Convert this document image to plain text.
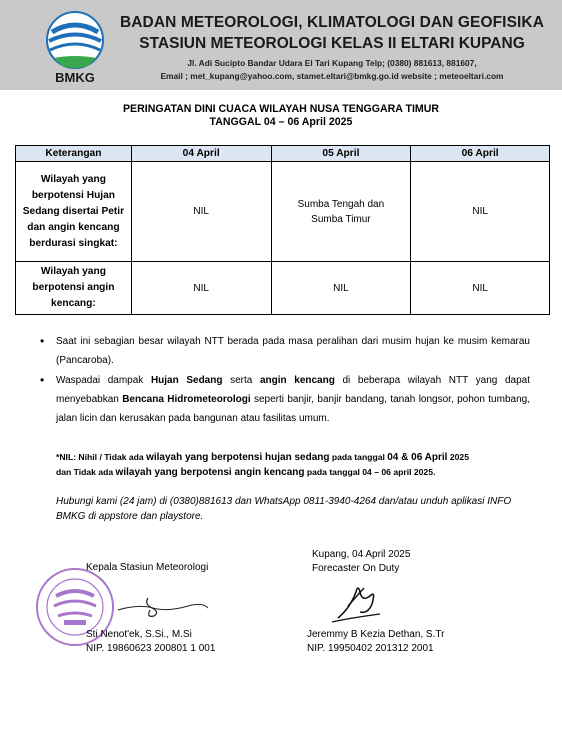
BMKG
BADAN METEOROLOGI, KLIMATOLOGI DAN GEOFISIKA
STASIUN METEOROLOGI KELAS II ELTARI KUPANG
Jl. Adi Sucipto Bandar Udara El Tari Kupang Telp; (0380) 881613, 881607,
Email ; met_kupang@yahoo.com, stamet.eltari@bmkg.go.id website ; meteoeltari.com
PERINGATAN DINI CUACA WILAYAH NUSA TENGGARA TIMUR
TANGGAL 04 – 06 April 2025
Keterangan	04 April	05 April	06 April
Wilayah yang berpotensi Hujan Sedang disertai Petir dan angin kencang berdurasi singkat:	NIL	Sumba Tengah dan Sumba Timur	NIL
Wilayah yang berpotensi angin kencang:	NIL	NIL	NIL
• Saat ini sebagian besar wilayah NTT berada pada masa peralihan dari musim hujan ke musim kemarau (Pancaroba).
• Waspadai dampak Hujan Sedang serta angin kencang di beberapa wilayah NTT yang dapat menyebabkan Bencana Hidrometeorologi seperti banjir, banjir bandang, tanah longsor, pohon tumbang, jalan licin dan kerusakan pada bangunan atau fasilitas umum.
*NIL: Nihil / Tidak ada wilayah yang berpotensi hujan sedang pada tanggal 04 & 06 April 2025
dan Tidak ada wilayah yang berpotensi angin kencang pada tanggal 04 – 06 april 2025.
Hubungi kami (24 jam) di (0380)881613 dan WhatsApp 0811-3940-4264 dan/atau unduh aplikasi INFO BMKG di appstore dan playstore.
Kepala Stasiun Meteorologi
Kupang, 04 April 2025
Forecaster On Duty
Sti Nenot'ek, S.Si., M.Si
NIP. 19860623 200801 1 001
Jeremmy B Kezia Dethan, S.Tr
NIP. 19950402 201312 2001
